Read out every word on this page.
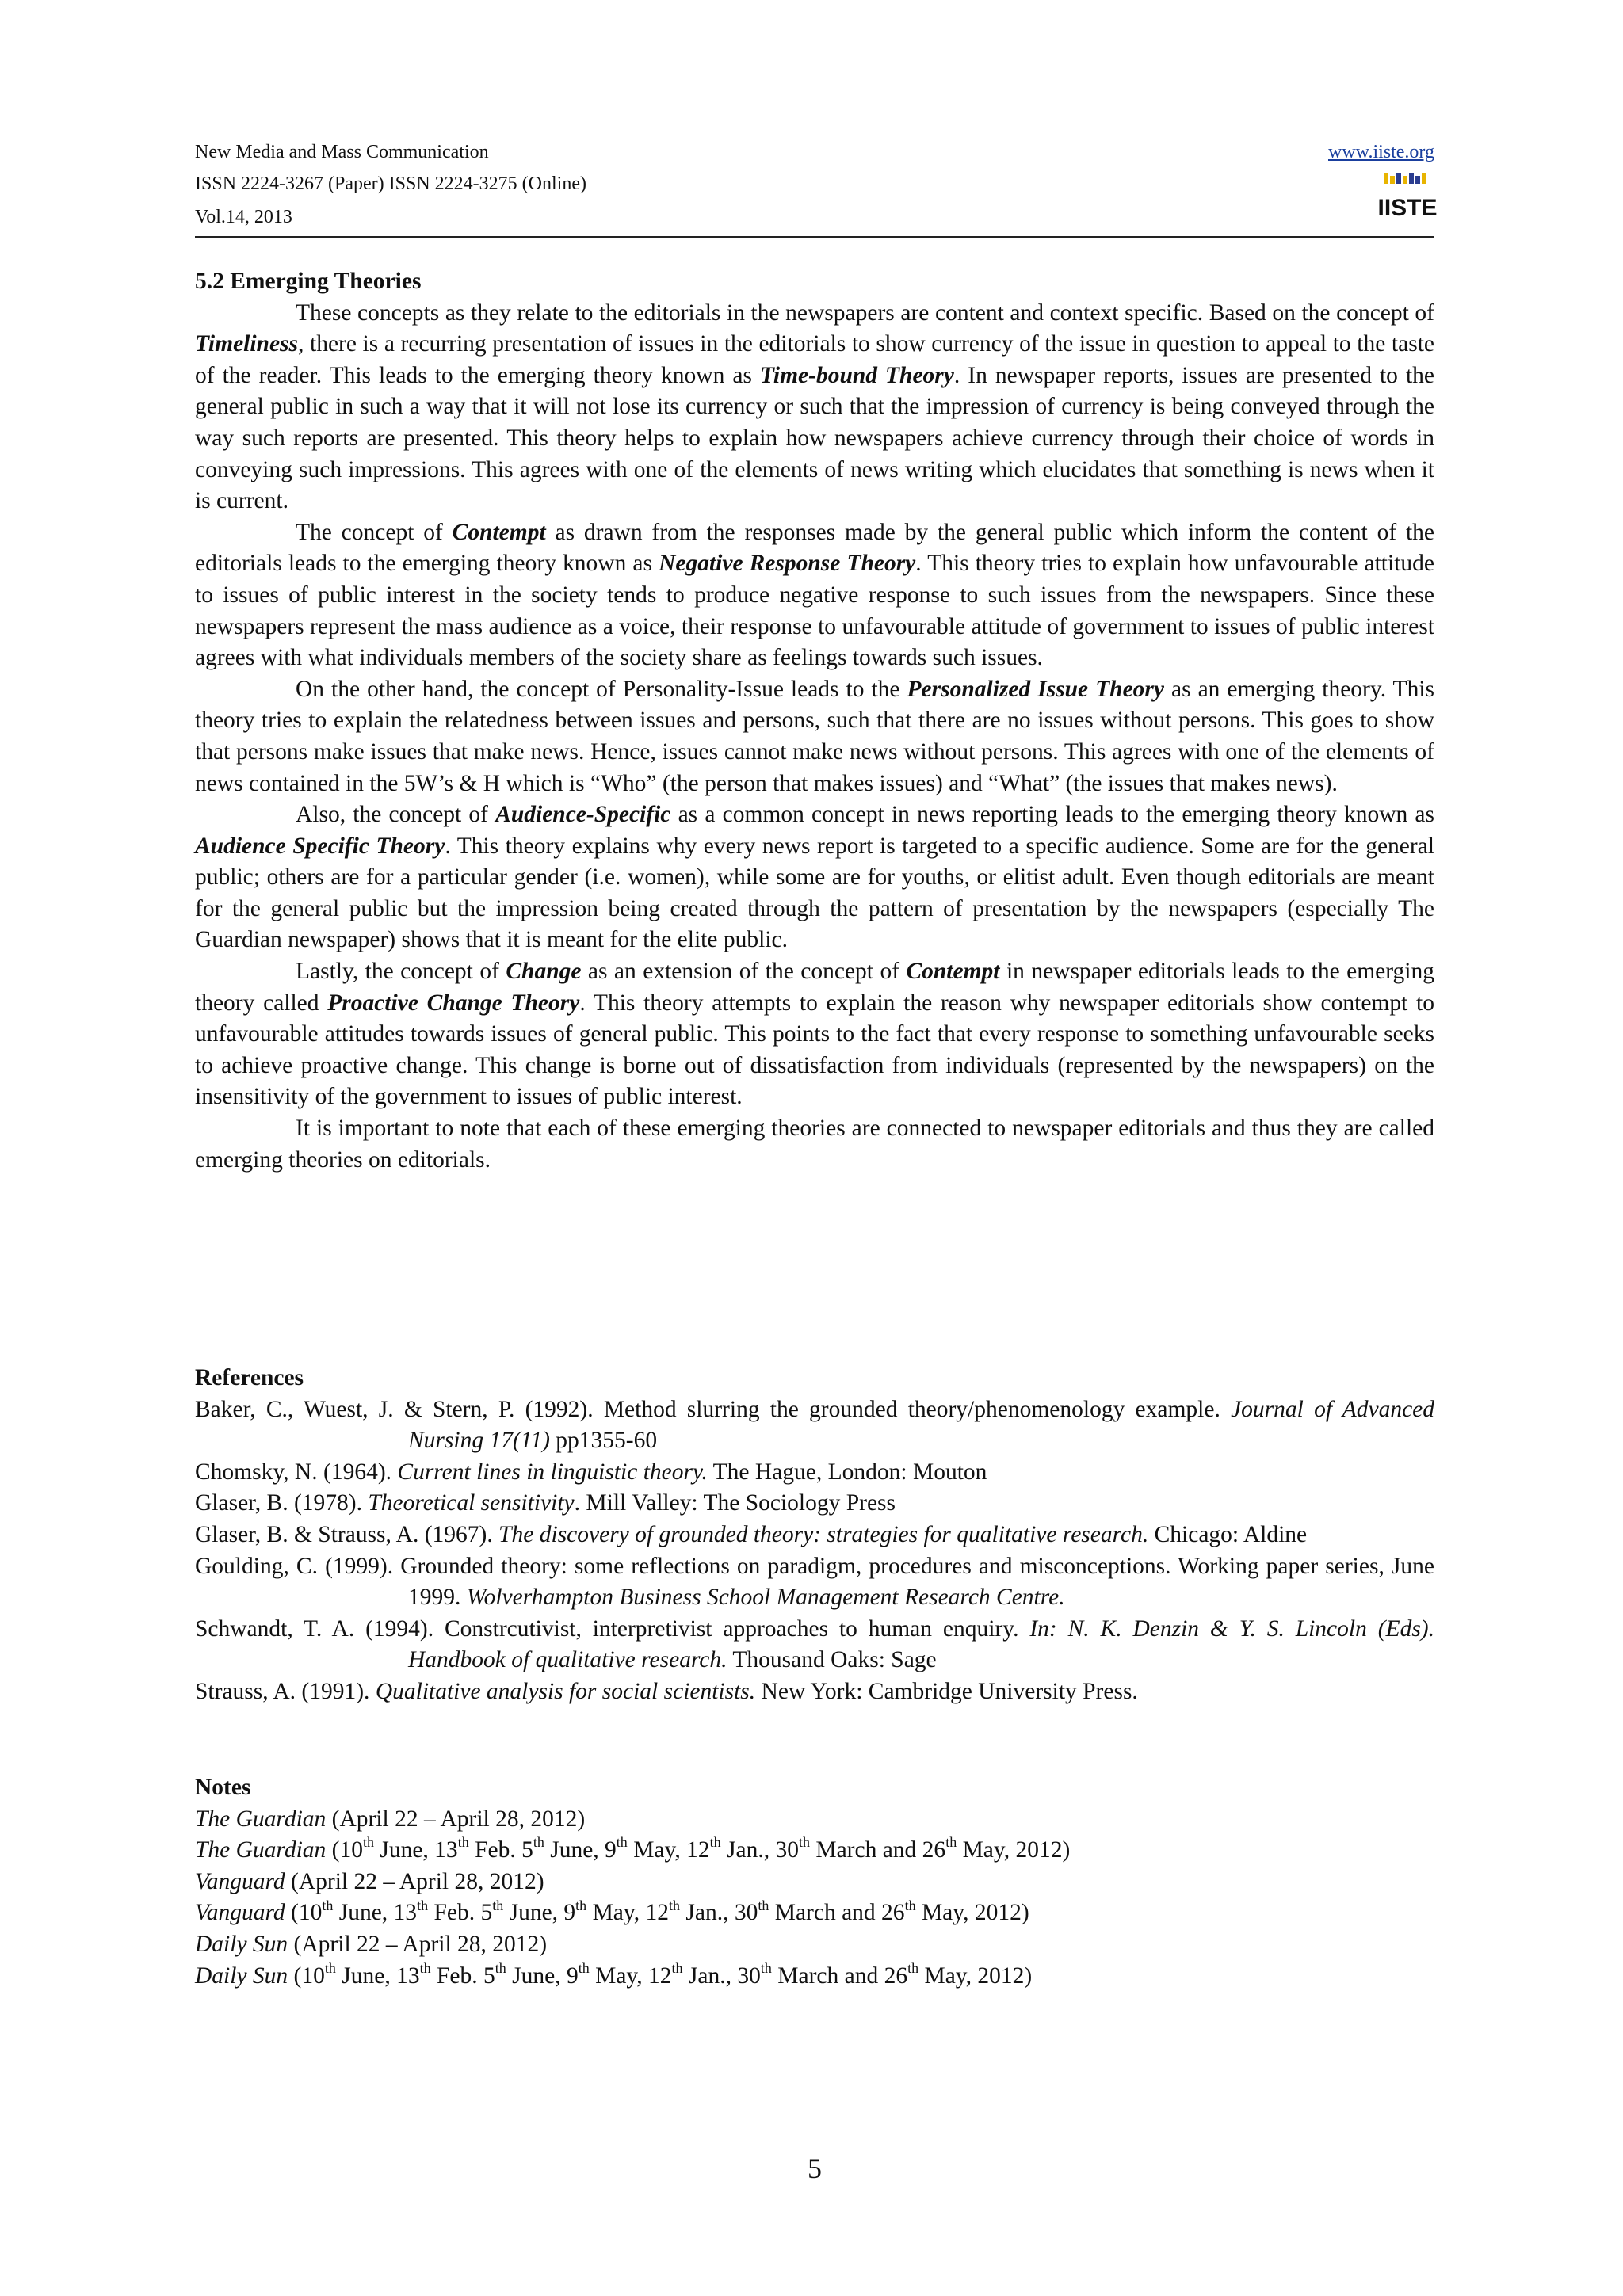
New Media and Mass Communication
ISSN 2224-3267 (Paper) ISSN 2224-3275 (Online)
Vol.14, 2013
www.iiste.org
IISTE
5.2 Emerging Theories

These concepts as they relate to the editorials in the newspapers are content and context specific. Based on the concept of Timeliness, there is a recurring presentation of issues in the editorials to show currency of the issue in question to appeal to the taste of the reader. This leads to the emerging theory known as Time-bound Theory. In newspaper reports, issues are presented to the general public in such a way that it will not lose its currency or such that the impression of currency is being conveyed through the way such reports are presented. This theory helps to explain how newspapers achieve currency through their choice of words in conveying such impressions. This agrees with one of the elements of news writing which elucidates that something is news when it is current.

The concept of Contempt as drawn from the responses made by the general public which inform the content of the editorials leads to the emerging theory known as Negative Response Theory. This theory tries to explain how unfavourable attitude to issues of public interest in the society tends to produce negative response to such issues from the newspapers. Since these newspapers represent the mass audience as a voice, their response to unfavourable attitude of government to issues of public interest agrees with what individuals members of the society share as feelings towards such issues.

On the other hand, the concept of Personality-Issue leads to the Personalized Issue Theory as an emerging theory. This theory tries to explain the relatedness between issues and persons, such that there are no issues without persons. This goes to show that persons make issues that make news. Hence, issues cannot make news without persons. This agrees with one of the elements of news contained in the 5W’s & H which is “Who” (the person that makes issues) and “What” (the issues that makes news).

Also, the concept of Audience-Specific as a common concept in news reporting leads to the emerging theory known as Audience Specific Theory. This theory explains why every news report is targeted to a specific audience. Some are for the general public; others are for a particular gender (i.e. women), while some are for youths, or elitist adult. Even though editorials are meant for the general public but the impression being created through the pattern of presentation by the newspapers (especially The Guardian newspaper) shows that it is meant for the elite public.

Lastly, the concept of Change as an extension of the concept of Contempt in newspaper editorials leads to the emerging theory called Proactive Change Theory. This theory attempts to explain the reason why newspaper editorials show contempt to unfavourable attitudes towards issues of general public. This points to the fact that every response to something unfavourable seeks to achieve proactive change. This change is borne out of dissatisfaction from individuals (represented by the newspapers) on the insensitivity of the government to issues of public interest.

It is important to note that each of these emerging theories are connected to newspaper editorials and thus they are called emerging theories on editorials.

References
Baker, C., Wuest, J. & Stern, P. (1992). Method slurring the grounded theory/phenomenology example. Journal of Advanced Nursing 17(11) pp1355-60
Chomsky, N. (1964). Current lines in linguistic theory. The Hague, London: Mouton
Glaser, B. (1978). Theoretical sensitivity. Mill Valley: The Sociology Press
Glaser, B. & Strauss, A. (1967). The discovery of grounded theory: strategies for qualitative research. Chicago: Aldine
Goulding, C. (1999). Grounded theory: some reflections on paradigm, procedures and misconceptions. Working paper series, June 1999. Wolverhampton Business School Management Research Centre.
Schwandt, T. A. (1994). Constrcutivist, interpretivist approaches to human enquiry. In: N. K. Denzin & Y. S. Lincoln (Eds). Handbook of qualitative research. Thousand Oaks: Sage
Strauss, A. (1991). Qualitative analysis for social scientists. New York: Cambridge University Press.
Notes
The Guardian (April 22 – April 28, 2012)
The Guardian (10th June, 13th Feb. 5th June, 9th May, 12th Jan., 30th March and 26th May, 2012)
Vanguard (April 22 – April 28, 2012)
Vanguard (10th June, 13th Feb. 5th June, 9th May, 12th Jan., 30th March and 26th May, 2012)
Daily Sun (April 22 – April 28, 2012)
Daily Sun (10th June, 13th Feb. 5th June, 9th May, 12th Jan., 30th March and 26th May, 2012)
5
